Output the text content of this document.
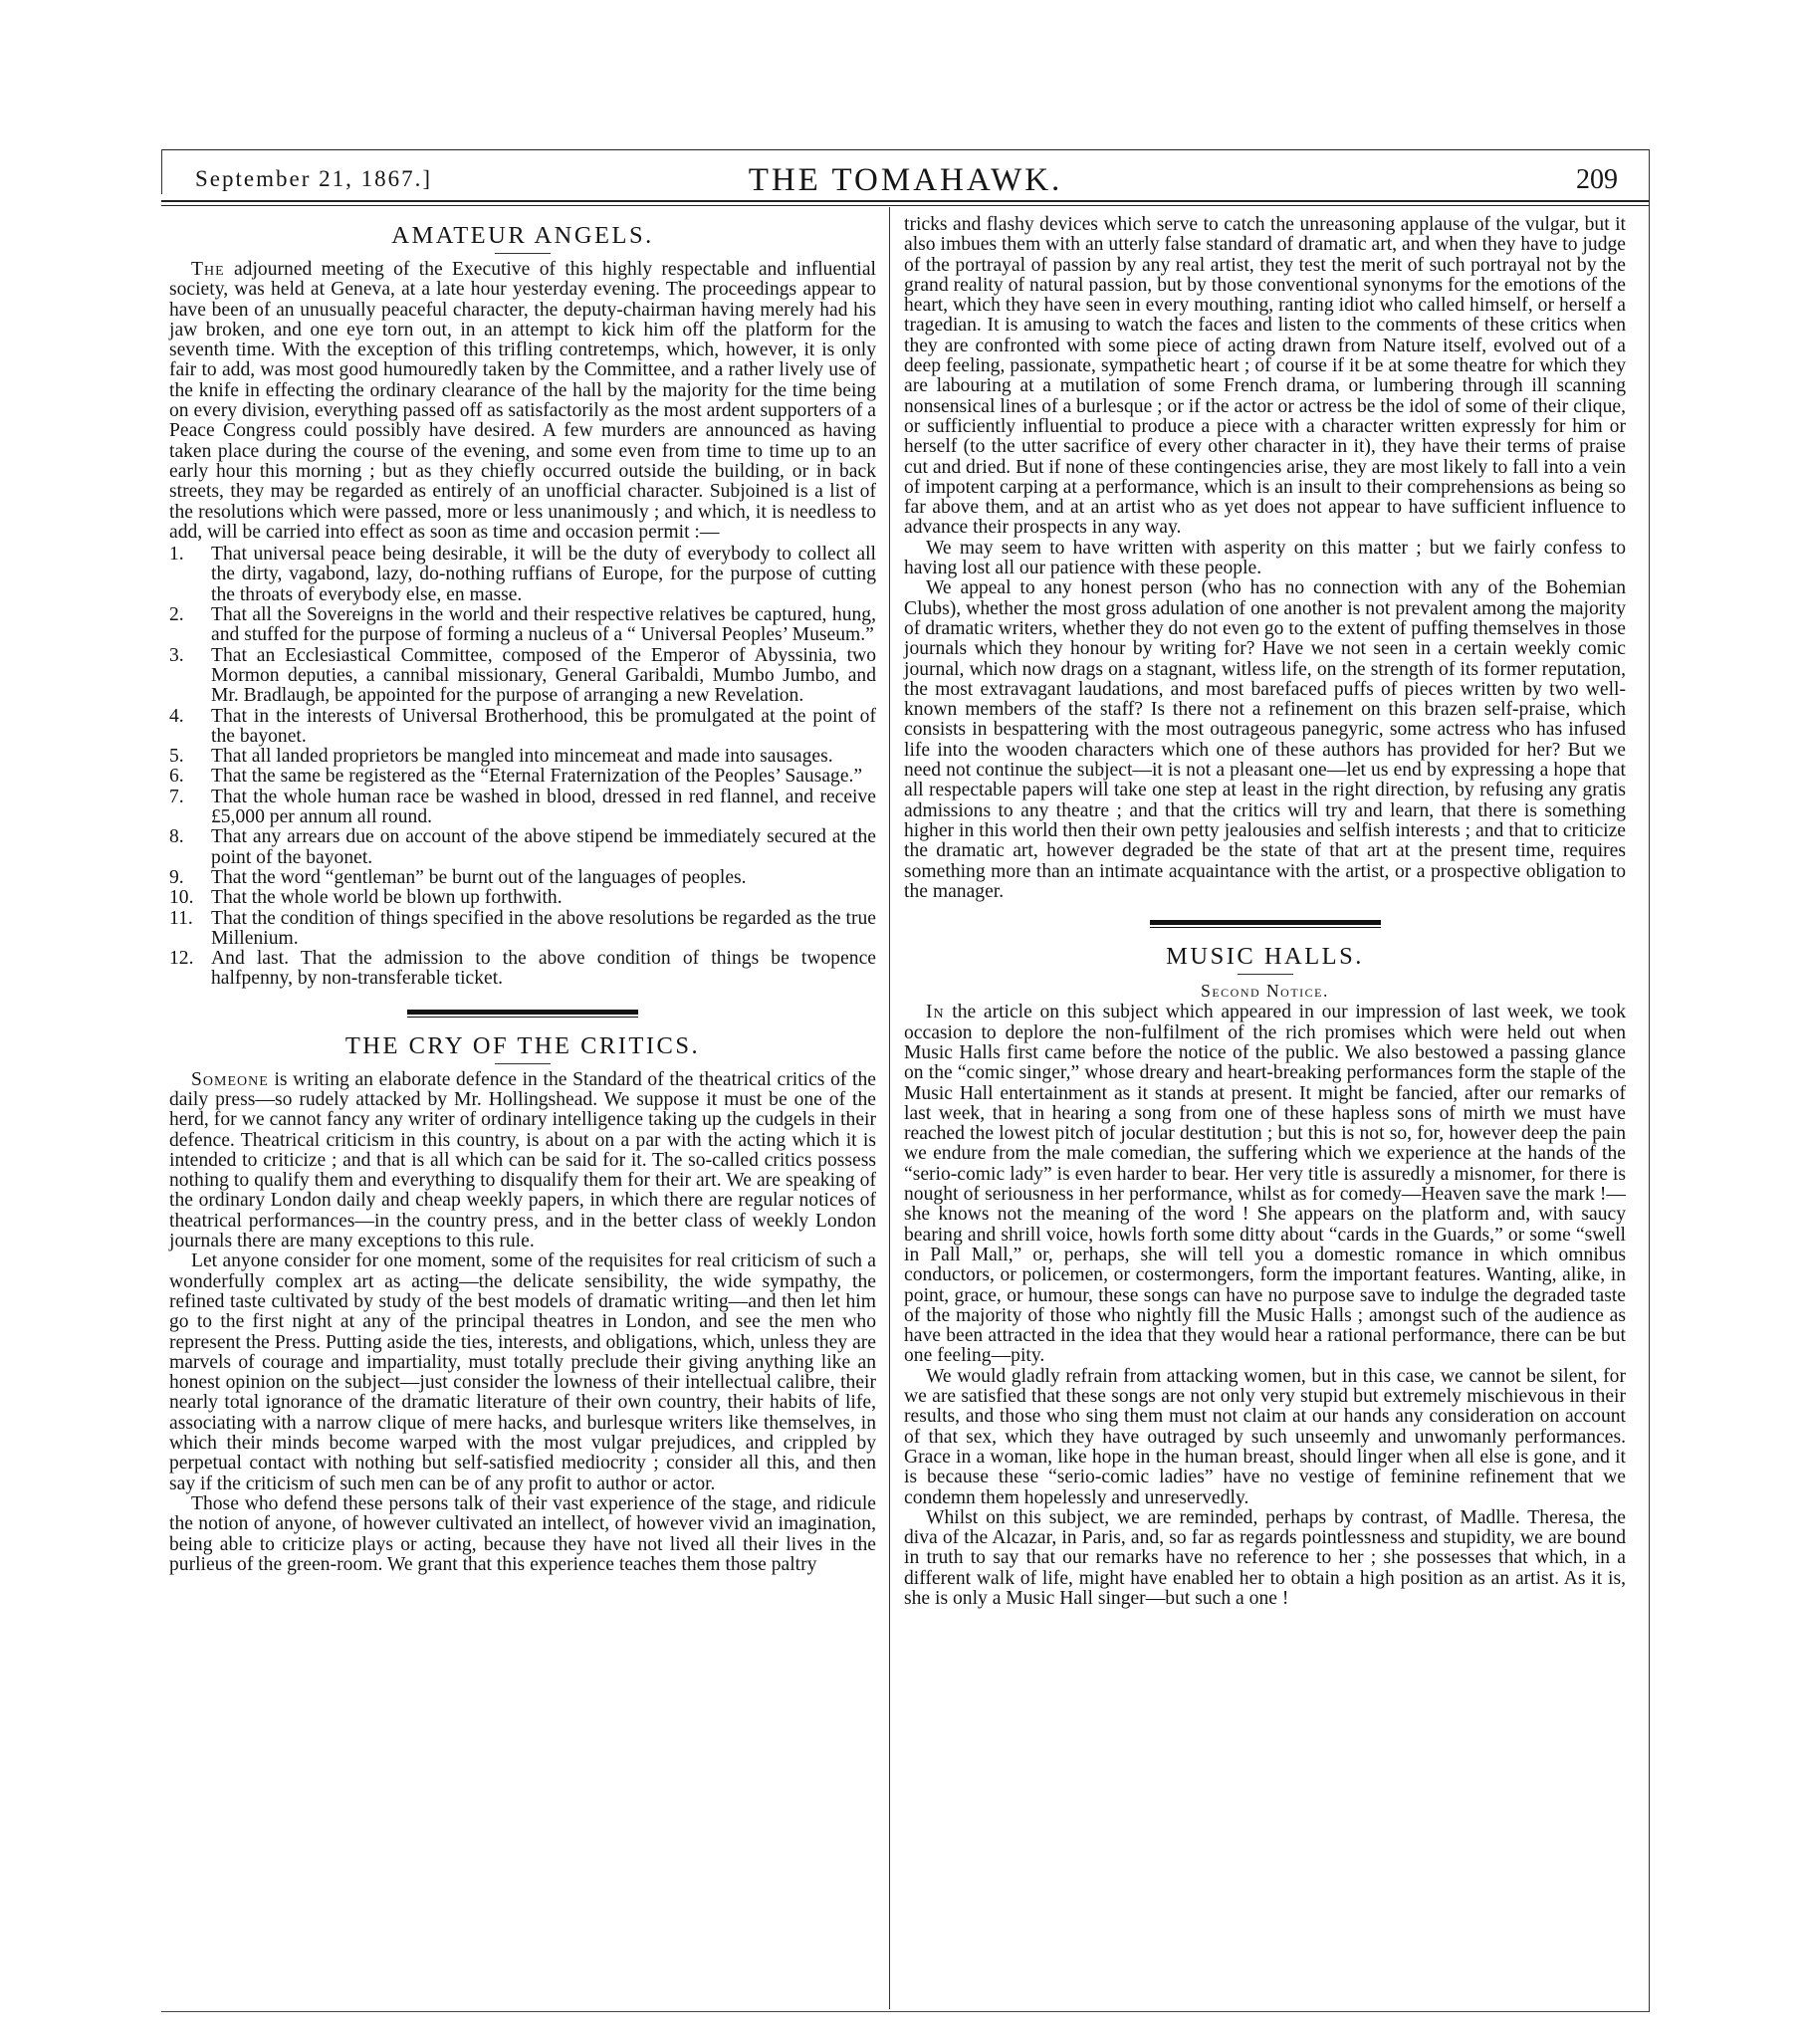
September 21, 1867.]	THE TOMAHAWK.	209
AMATEUR ANGELS.

The adjourned meeting of the Executive of this highly respectable and influential society, was held at Geneva, at a late hour yesterday evening. The proceedings appear to have been of an unusually peaceful character, the deputy-chairman having merely had his jaw broken, and one eye torn out, in an attempt to kick him off the platform for the seventh time. With the exception of this trifling contretemps, which, however, it is only fair to add, was most good humouredly taken by the Committee, and a rather lively use of the knife in effecting the ordinary clearance of the hall by the majority for the time being on every division, everything passed off as satisfactorily as the most ardent supporters of a Peace Congress could possibly have desired. A few murders are announced as having taken place during the course of the evening, and some even from time to time up to an early hour this morning ; but as they chiefly occurred outside the building, or in back streets, they may be regarded as entirely of an unofficial character. Subjoined is a list of the resolutions which were passed, more or less unanimously ; and which, it is needless to add, will be carried into effect as soon as time and occasion permit :—

1. That universal peace being desirable, it will be the duty of everybody to collect all the dirty, vagabond, lazy, do-nothing ruffians of Europe, for the purpose of cutting the throats of everybody else, en masse.
2. That all the Sovereigns in the world and their respective relatives be captured, hung, and stuffed for the purpose of forming a nucleus of a “ Universal Peoples’ Museum.”
3. That an Ecclesiastical Committee, composed of the Emperor of Abyssinia, two Mormon deputies, a cannibal missionary, General Garibaldi, Mumbo Jumbo, and Mr. Bradlaugh, be appointed for the purpose of arranging a new Revelation.
4. That in the interests of Universal Brotherhood, this be promulgated at the point of the bayonet.
5. That all landed proprietors be mangled into mincemeat and made into sausages.
6. That the same be registered as the “Eternal Fraternization of the Peoples’ Sausage.”
7. That the whole human race be washed in blood, dressed in red flannel, and receive £5,000 per annum all round.
8. That any arrears due on account of the above stipend be immediately secured at the point of the bayonet.
9. That the word “gentleman” be burnt out of the languages of peoples.
10. That the whole world be blown up forthwith.
11. That the condition of things specified in the above resolutions be regarded as the true Millenium.
12. And last. That the admission to the above condition of things be twopence halfpenny, by non-transferable ticket.
THE CRY OF THE CRITICS.

Someone is writing an elaborate defence in the Standard of the theatrical critics of the daily press—so rudely attacked by Mr. Hollingshead. We suppose it must be one of the herd, for we cannot fancy any writer of ordinary intelligence taking up the cudgels in their defence. Theatrical criticism in this country, is about on a par with the acting which it is intended to criticize ; and that is all which can be said for it. The so-called critics possess nothing to qualify them and everything to disqualify them for their art. We are speaking of the ordinary London daily and cheap weekly papers, in which there are regular notices of theatrical performances—in the country press, and in the better class of weekly London journals there are many exceptions to this rule.

Let anyone consider for one moment, some of the requisites for real criticism of such a wonderfully complex art as acting—the delicate sensibility, the wide sympathy, the refined taste cultivated by study of the best models of dramatic writing—and then let him go to the first night at any of the principal theatres in London, and see the men who represent the Press. Putting aside the ties, interests, and obligations, which, unless they are marvels of courage and impartiality, must totally preclude their giving anything like an honest opinion on the subject—just consider the lowness of their intellectual calibre, their nearly total ignorance of the dramatic literature of their own country, their habits of life, associating with a narrow clique of mere hacks, and burlesque writers like themselves, in which their minds become warped with the most vulgar prejudices, and crippled by perpetual contact with nothing but self-satisfied mediocrity ; consider all this, and then say if the criticism of such men can be of any profit to author or actor.

Those who defend these persons talk of their vast experience of the stage, and ridicule the notion of anyone, of however cultivated an intellect, of however vivid an imagination, being able to criticize plays or acting, because they have not lived all their lives in the purlieus of the green-room. We grant that this experience teaches them those paltry

tricks and flashy devices which serve to catch the unreasoning applause of the vulgar, but it also imbues them with an utterly false standard of dramatic art, and when they have to judge of the portrayal of passion by any real artist, they test the merit of such portrayal not by the grand reality of natural passion, but by those conventional synonyms for the emotions of the heart, which they have seen in every mouthing, ranting idiot who called himself, or herself a tragedian. It is amusing to watch the faces and listen to the comments of these critics when they are confronted with some piece of acting drawn from Nature itself, evolved out of a deep feeling, passionate, sympathetic heart ; of course if it be at some theatre for which they are labouring at a mutilation of some French drama, or lumbering through ill scanning nonsensical lines of a burlesque ; or if the actor or actress be the idol of some of their clique, or sufficiently influential to produce a piece with a character written expressly for him or herself (to the utter sacrifice of every other character in it), they have their terms of praise cut and dried. But if none of these contingencies arise, they are most likely to fall into a vein of impotent carping at a performance, which is an insult to their comprehensions as being so far above them, and at an artist who as yet does not appear to have sufficient influence to advance their prospects in any way.

We may seem to have written with asperity on this matter ; but we fairly confess to having lost all our patience with these people.

We appeal to any honest person (who has no connection with any of the Bohemian Clubs), whether the most gross adulation of one another is not prevalent among the majority of dramatic writers, whether they do not even go to the extent of puffing themselves in those journals which they honour by writing for? Have we not seen in a certain weekly comic journal, which now drags on a stagnant, witless life, on the strength of its former reputation, the most extravagant laudations, and most barefaced puffs of pieces written by two well-known members of the staff? Is there not a refinement on this brazen self-praise, which consists in bespattering with the most outrageous panegyric, some actress who has infused life into the wooden characters which one of these authors has provided for her? But we need not continue the subject—it is not a pleasant one—let us end by expressing a hope that all respectable papers will take one step at least in the right direction, by refusing any gratis admissions to any theatre ; and that the critics will try and learn, that there is something higher in this world then their own petty jealousies and selfish interests ; and that to criticize the dramatic art, however degraded be the state of that art at the present time, requires something more than an intimate acquaintance with the artist, or a prospective obligation to the manager.

MUSIC HALLS.
Second Notice.

In the article on this subject which appeared in our impression of last week, we took occasion to deplore the non-fulfilment of the rich promises which were held out when Music Halls first came before the notice of the public. We also bestowed a passing glance on the “comic singer,” whose dreary and heart-breaking performances form the staple of the Music Hall entertainment as it stands at present. It might be fancied, after our remarks of last week, that in hearing a song from one of these hapless sons of mirth we must have reached the lowest pitch of jocular destitution ; but this is not so, for, however deep the pain we endure from the male comedian, the suffering which we experience at the hands of the “serio-comic lady” is even harder to bear. Her very title is assuredly a misnomer, for there is nought of seriousness in her performance, whilst as for comedy—Heaven save the mark !—she knows not the meaning of the word ! She appears on the platform and, with saucy bearing and shrill voice, howls forth some ditty about “cards in the Guards,” or some “swell in Pall Mall,” or, perhaps, she will tell you a domestic romance in which omnibus conductors, or policemen, or costermongers, form the important features. Wanting, alike, in point, grace, or humour, these songs can have no purpose save to indulge the degraded taste of the majority of those who nightly fill the Music Halls ; amongst such of the audience as have been attracted in the idea that they would hear a rational performance, there can be but one feeling—pity.

We would gladly refrain from attacking women, but in this case, we cannot be silent, for we are satisfied that these songs are not only very stupid but extremely mischievous in their results, and those who sing them must not claim at our hands any consideration on account of that sex, which they have outraged by such unseemly and unwomanly performances. Grace in a woman, like hope in the human breast, should linger when all else is gone, and it is because these “serio-comic ladies” have no vestige of feminine refinement that we condemn them hopelessly and unreservedly.

Whilst on this subject, we are reminded, perhaps by contrast, of Madlle. Theresa, the diva of the Alcazar, in Paris, and, so far as regards pointlessness and stupidity, we are bound in truth to say that our remarks have no reference to her ; she possesses that which, in a different walk of life, might have enabled her to obtain a high position as an artist. As it is, she is only a Music Hall singer—but such a one !
